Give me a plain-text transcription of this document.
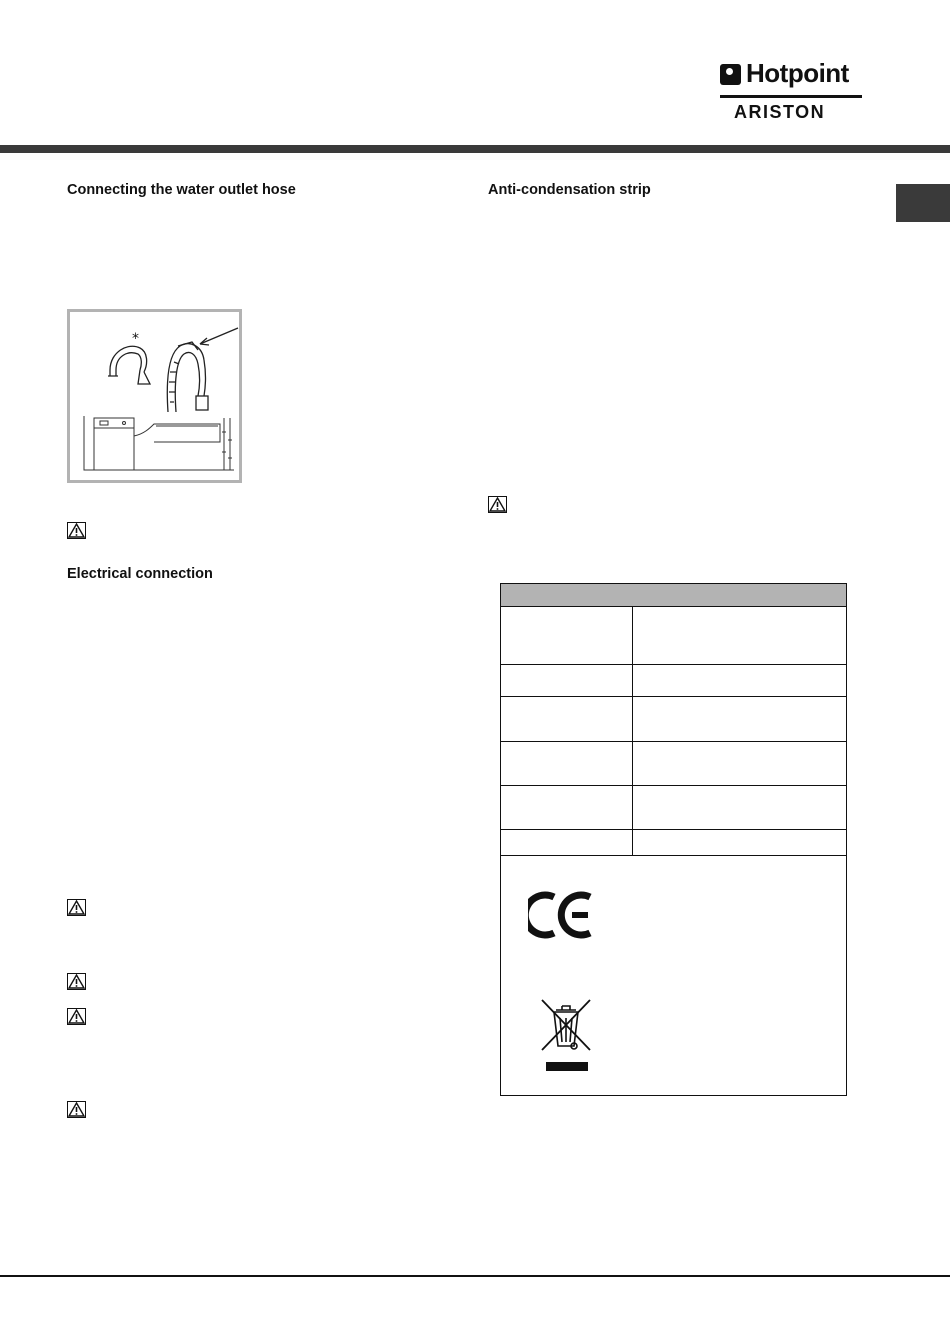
Hotpoint
ARISTON
Connecting the water outlet hose
Electrical connection
Anti-condensation strip
*
